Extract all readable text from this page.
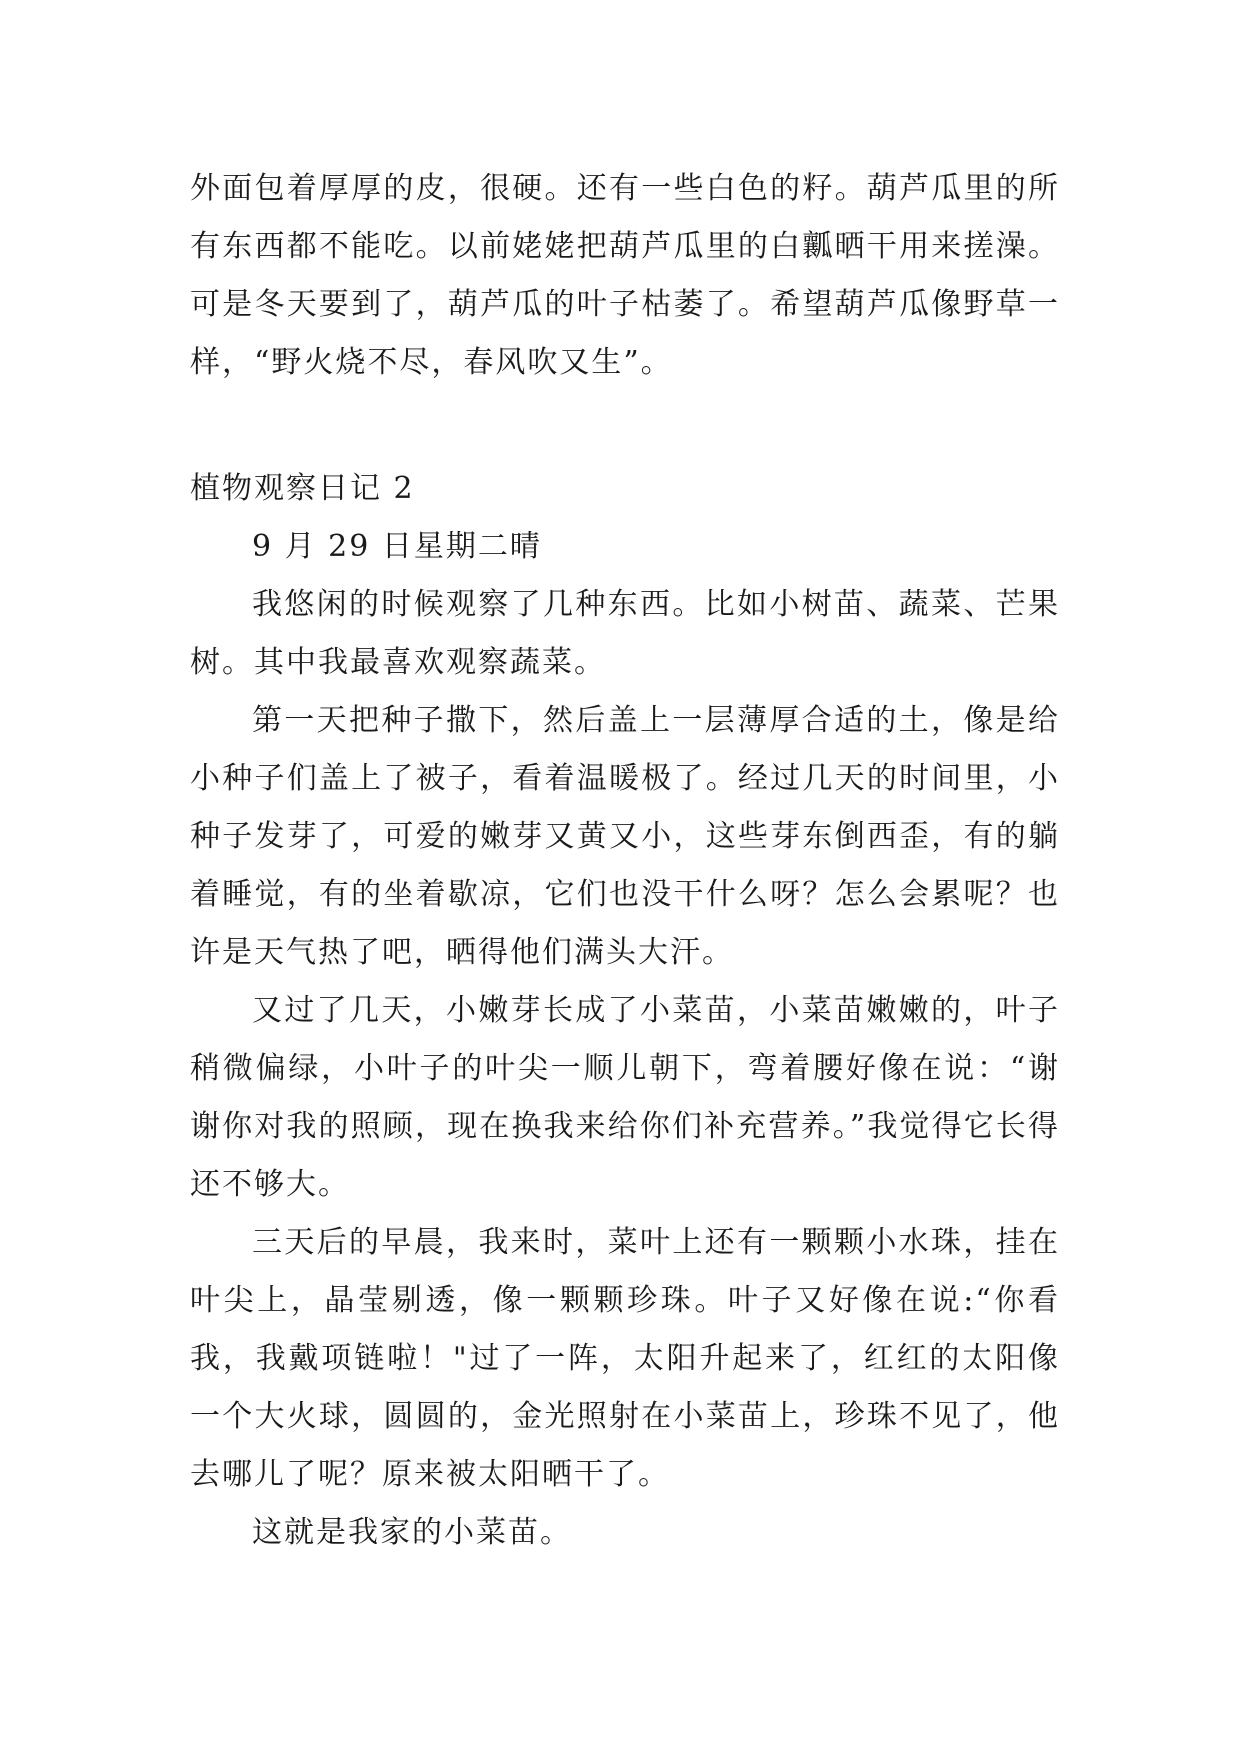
外面包着厚厚的皮，很硬。还有一些白色的籽。葫芦瓜里的所有东西都不能吃。以前姥姥把葫芦瓜里的白瓤晒干用来搓澡。可是冬天要到了，葫芦瓜的叶子枯萎了。希望葫芦瓜像野草一样，“野火烧不尽，春风吹又生”。

植物观察日记 2

9 月 29 日星期二晴

我悠闲的时候观察了几种东西。比如小树苗、蔬菜、芒果树。其中我最喜欢观察蔬菜。

第一天把种子撒下，然后盖上一层薄厚合适的土，像是给小种子们盖上了被子，看着温暖极了。经过几天的时间里，小种子发芽了，可爱的嫩芽又黄又小，这些芽东倒西歪，有的躺着睡觉，有的坐着歇凉，它们也没干什么呀？怎么会累呢？也许是天气热了吧，晒得他们满头大汗。

又过了几天，小嫩芽长成了小菜苗，小菜苗嫩嫩的，叶子稍微偏绿，小叶子的叶尖一顺儿朝下，弯着腰好像在说：“谢谢你对我的照顾，现在换我来给你们补充营养。”我觉得它长得还不够大。

三天后的早晨，我来时，菜叶上还有一颗颗小水珠，挂在叶尖上，晶莹剔透，像一颗颗珍珠。叶子又好像在说:“你看我，我戴项链啦！"过了一阵，太阳升起来了，红红的太阳像一个大火球，圆圆的，金光照射在小菜苗上，珍珠不见了，他去哪儿了呢？原来被太阳晒干了。

这就是我家的小菜苗。
